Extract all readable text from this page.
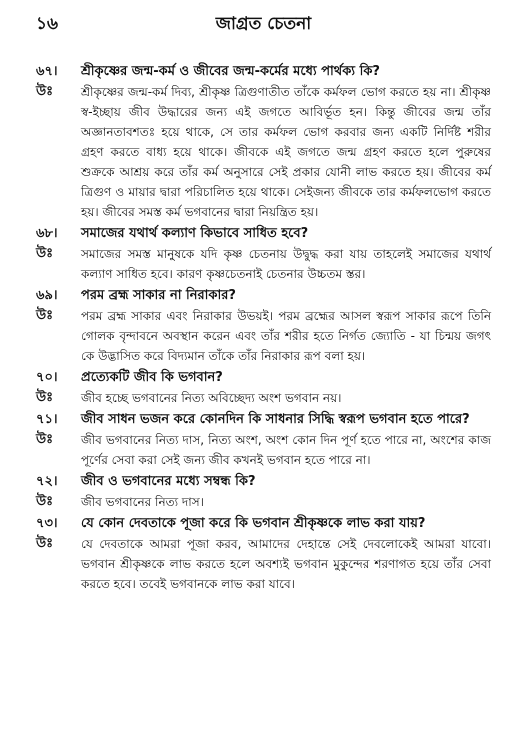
১৬	জাগ্রত চেতনা
৬৭।	শ্রীকৃষ্ণের জন্ম-কর্ম ও জীবের জন্ম-কর্মের মধ্যে পার্থক্য কি?
উঃ	শ্রীকৃষ্ণের জন্ম-কর্ম দিব্য, শ্রীকৃষ্ণ ত্রিগুণাতীত তাঁকে কর্মফল ভোগ করতে হয় না। শ্রীকৃষ্ণ স্ব-ইচ্ছায় জীব উদ্ধারের জন্য এই জগতে আবির্ভূত হন। কিন্তু জীবের জন্ম তাঁর অজ্ঞানতাবশতঃ হয়ে থাকে, সে তার কর্মফল ভোগ করবার জন্য একটি নির্দিষ্ট শরীর গ্রহণ করতে বাধ্য হয়ে থাকে। জীবকে এই জগতে জন্ম গ্রহণ করতে হলে পুরুষের শুক্রকে আশ্রয় করে তাঁর কর্ম অনুসারে সেই প্রকার যোনী লাভ করতে হয়। জীবের কর্ম ত্রিগুণ ও মায়ার দ্বারা পরিচালিত হয়ে থাকে। সেইজন্য জীবকে তার কর্মফলভোগ করতে হয়। জীবের সমস্ত কর্ম ভগবানের দ্বারা নিয়ন্ত্রিত হয়।
৬৮।	সমাজের যথার্থ কল্যাণ কিভাবে সাধিত হবে?
উঃ	সমাজের সমস্ত মানুষকে যদি কৃষ্ণ চেতনায় উদ্বুদ্ধ করা যায় তাহলেই সমাজের যথার্থ কল্যাণ সাধিত হবে। কারণ কৃষ্ণচেতনাই চেতনার উচ্চতম স্তর।
৬৯।	পরম ব্রহ্ম সাকার না নিরাকার?
উঃ	পরম ব্রহ্ম সাকার এবং নিরাকার উভয়ই। পরম ব্রহ্মের আসল স্বরূপ সাকার রূপে তিনি গোলক বৃন্দাবনে অবস্থান করেন এবং তাঁর শরীর হতে নির্গত জ্যোতি - যা চিন্ময় জগৎ কে উদ্ভাসিত করে বিদ্যমান তাঁকে তাঁর নিরাকার রূপ বলা হয়।
৭০।	প্রত্যেকটি জীব কি ভগবান?
উঃ	জীব হচ্ছে ভগবানের নিত্য অবিচ্ছেদ্য অংশ ভগবান নয়।
৭১।	জীব সাধন ভজন করে কোনদিন কি সাধনার সিদ্ধি স্বরূপ ভগবান হতে পারে?
উঃ	জীব ভগবানের নিত্য দাস, নিত্য অংশ, অংশ কোন দিন পূর্ণ হতে পারে না, অংশের কাজ পূর্ণের সেবা করা সেই জন্য জীব কখনই ভগবান হতে পারে না।
৭২।	জীব ও ভগবানের মধ্যে সম্বন্ধ কি?
উঃ	জীব ভগবানের নিত্য দাস।
৭৩।	যে কোন দেবতাকে পূজা করে কি ভগবান শ্রীকৃষ্ণকে লাভ করা যায়?
উঃ	যে দেবতাকে আমরা পূজা করব, আমাদের দেহান্তে সেই দেবলোকেই আমরা যাবো। ভগবান শ্রীকৃষ্ণকে লাভ করতে হলে অবশ্যই ভগবান মুকুন্দের শরণাগত হয়ে তাঁর সেবা করতে হবে। তবেই ভগবানকে লাভ করা যাবে।
